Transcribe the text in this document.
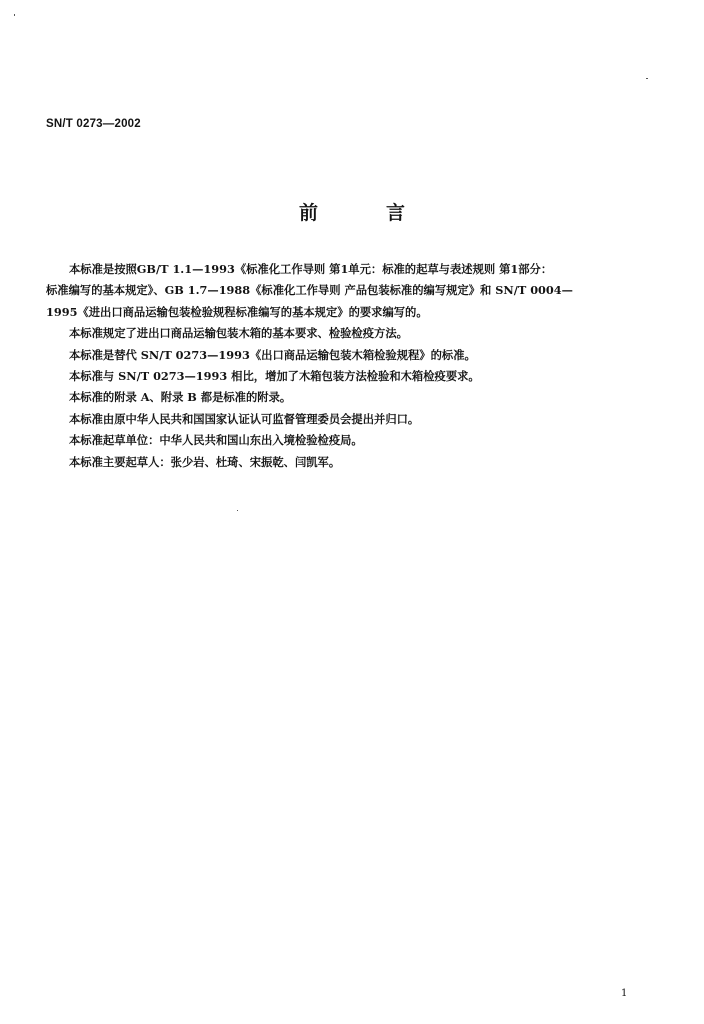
SN/T 0273—2002
前言

本标准是按照GB/T 1.1—1993《标准化工作导则 第1单元：标准的起草与表述规则 第1部分：
标准编写的基本规定》、GB 1.7—1988《标准化工作导则 产品包装标准的编写规定》和 SN/T 0004—
1995《进出口商品运输包装检验规程标准编写的基本规定》的要求编写的。

本标准规定了进出口商品运输包装木箱的基本要求、检验检疫方法。

本标准是替代 SN/T 0273—1993《出口商品运输包装木箱检验规程》的标准。

本标准与 SN/T 0273—1993 相比，增加了木箱包装方法检验和木箱检疫要求。

本标准的附录 A、附录 B 都是标准的附录。

本标准由原中华人民共和国国家认证认可监督管理委员会提出并归口。

本标准起草单位：中华人民共和国山东出入境检验检疫局。

本标准主要起草人：张少岩、杜琦、宋振乾、闫凯军。

1
